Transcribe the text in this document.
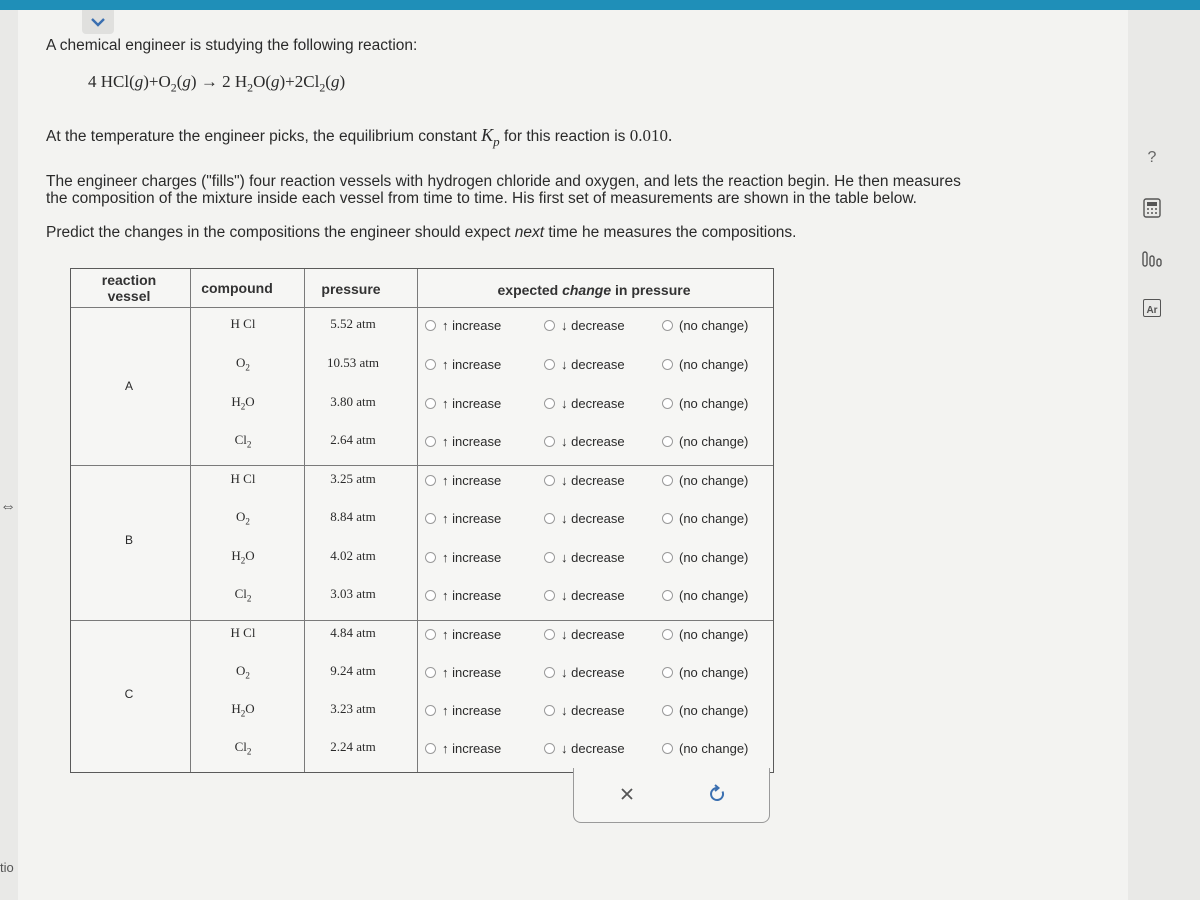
tio
⇔

A chemical engineer is studying the following reaction:

4 $HCl(g)+O_2(g) \to 2$ $H_2O(g)+2Cl_2(g)$

At the temperature the engineer picks, the equilibrium constant $K_p$ for this reaction is 0.010.

The engineer charges ("fills") four reaction vessels with hydrogen chloride and oxygen, and lets the reaction begin. He then measures

the composition of the mixture inside each vessel from time to time. His first set of measurements are shown in the table below.

Predict the changes in the compositions the engineer should expect next time he measures the compositions.

reaction
vessel	compound	pressure	expected change in pressure
A
H Cl	5.52 atm	↑ increase	↓ decrease	(no change)
$O_2$	10.53 atm	↑ increase	↓ decrease	(no change)
$H_2O$	3.80 atm	↑ increase	↓ decrease	(no change)
$Cl_2$	2.64 atm	↑ increase	↓ decrease	(no change)
B
H Cl	3.25 atm	↑ increase	↓ decrease	(no change)
$O_2$	8.84 atm	↑ increase	↓ decrease	(no change)
$H_2O$	4.02 atm	↑ increase	↓ decrease	(no change)
$Cl_2$	3.03 atm	↑ increase	↓ decrease	(no change)
C
H Cl	4.84 atm	↑ increase	↓ decrease	(no change)
$O_2$	9.24 atm	↑ increase	↓ decrease	(no change)
$H_2O$	3.23 atm	↑ increase	↓ decrease	(no change)
$Cl_2$	2.24 atm	↑ increase	↓ decrease	(no change)
?
Ar
